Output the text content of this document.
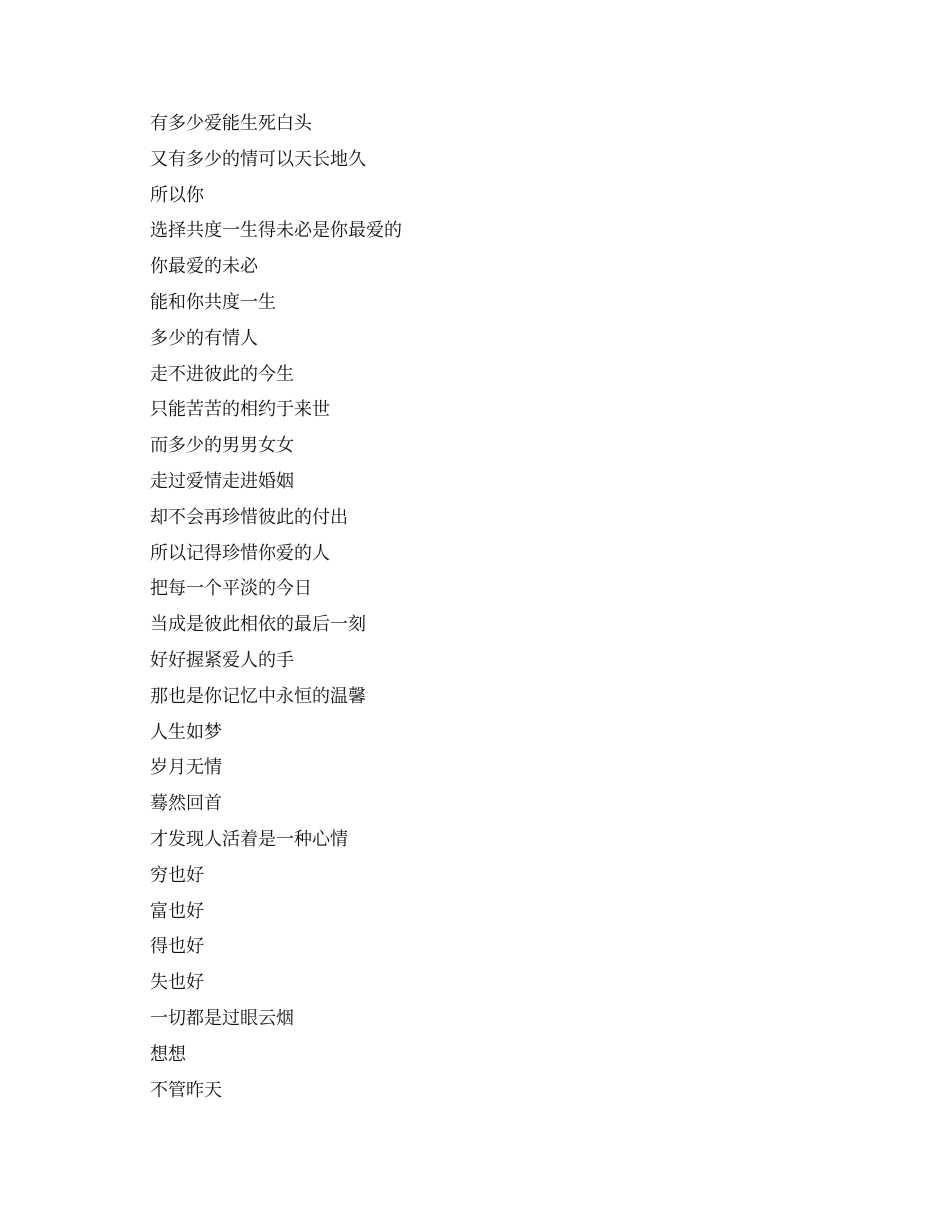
有多少爱能生死白头
又有多少的情可以天长地久
所以你
选择共度一生得未必是你最爱的
你最爱的未必
能和你共度一生
多少的有情人
走不进彼此的今生
只能苦苦的相约于来世
而多少的男男女女
走过爱情走进婚姻
却不会再珍惜彼此的付出
所以记得珍惜你爱的人
把每一个平淡的今日
当成是彼此相依的最后一刻
好好握紧爱人的手
那也是你记忆中永恒的温馨
人生如梦
岁月无情
蓦然回首
才发现人活着是一种心情
穷也好
富也好
得也好
失也好
一切都是过眼云烟
想想
不管昨天
